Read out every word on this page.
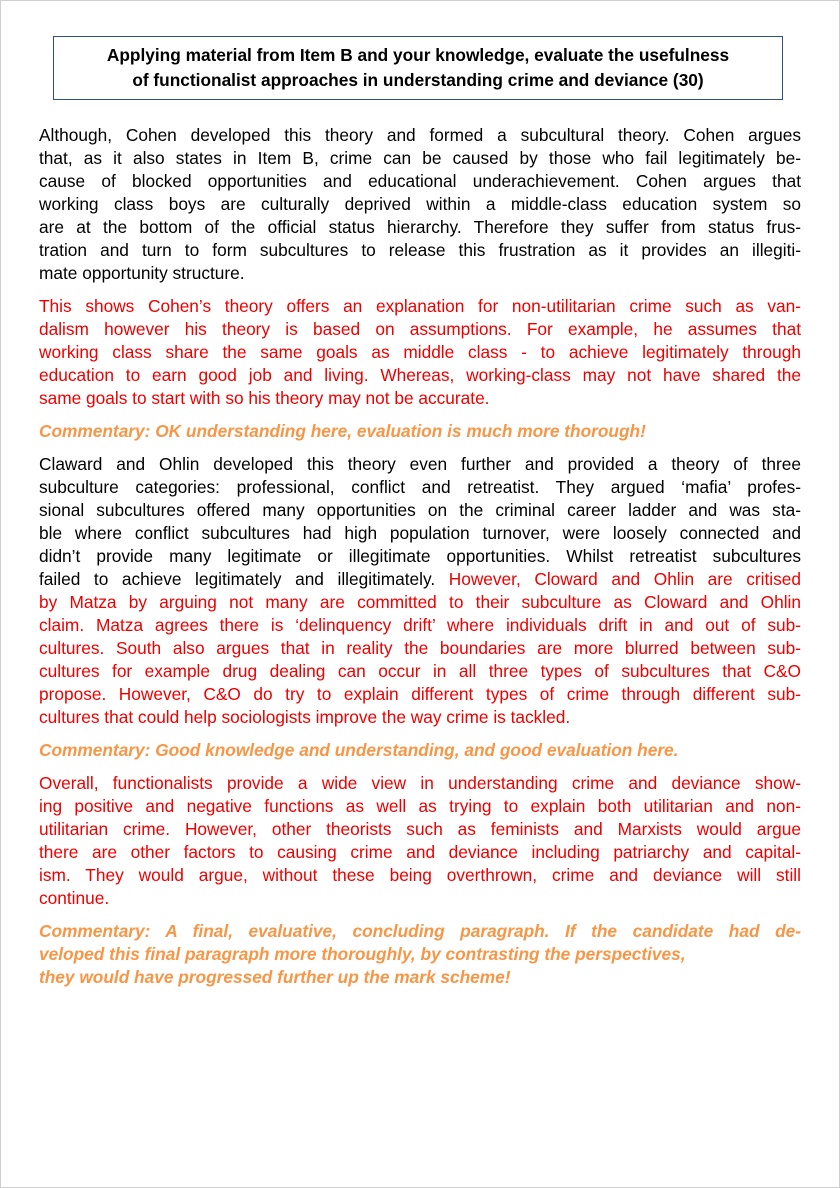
Applying material from Item B and your knowledge, evaluate the usefulness
of functionalist approaches in understanding crime and deviance (30)

Although, Cohen developed this theory and formed a subcultural theory. Cohen argues
that, as it also states in Item B, crime can be caused by those who fail legitimately be-
cause of blocked opportunities and educational underachievement. Cohen argues that
working class boys are culturally deprived within a middle-class education system so
are at the bottom of the official status hierarchy. Therefore they suffer from status frus-
tration and turn to form subcultures to release this frustration as it provides an illegiti-
mate opportunity structure.

This shows Cohen’s theory offers an explanation for non-utilitarian crime such as van-
dalism however his theory is based on assumptions. For example, he assumes that
working class share the same goals as middle class - to achieve legitimately through
education to earn good job and living. Whereas, working-class may not have shared the
same goals to start with so his theory may not be accurate.

Commentary: OK understanding here, evaluation is much more thorough!

Claward and Ohlin developed this theory even further and provided a theory of three
subculture categories: professional, conflict and retreatist. They argued ‘mafia’ profes-
sional subcultures offered many opportunities on the criminal career ladder and was sta-
ble where conflict subcultures had high population turnover, were loosely connected and
didn’t provide many legitimate or illegitimate opportunities. Whilst retreatist subcultures
failed to achieve legitimately and illegitimately. However, Cloward and Ohlin are critised
by Matza by arguing not many are committed to their subculture as Cloward and Ohlin
claim. Matza agrees there is ‘delinquency drift’ where individuals drift in and out of sub-
cultures. South also argues that in reality the boundaries are more blurred between sub-
cultures for example drug dealing can occur in all three types of subcultures that C&O
propose. However, C&O do try to explain different types of crime through different sub-
cultures that could help sociologists improve the way crime is tackled.

Commentary: Good knowledge and understanding, and good evaluation here.

Overall, functionalists provide a wide view in understanding crime and deviance show-
ing positive and negative functions as well as trying to explain both utilitarian and non-
utilitarian crime. However, other theorists such as feminists and Marxists would argue
there are other factors to causing crime and deviance including patriarchy and capital-
ism. They would argue, without these being overthrown, crime and deviance will still
continue.

Commentary: A final, evaluative, concluding paragraph. If the candidate had de-
veloped this final paragraph more thoroughly, by contrasting the perspectives,
they would have progressed further up the mark scheme!
